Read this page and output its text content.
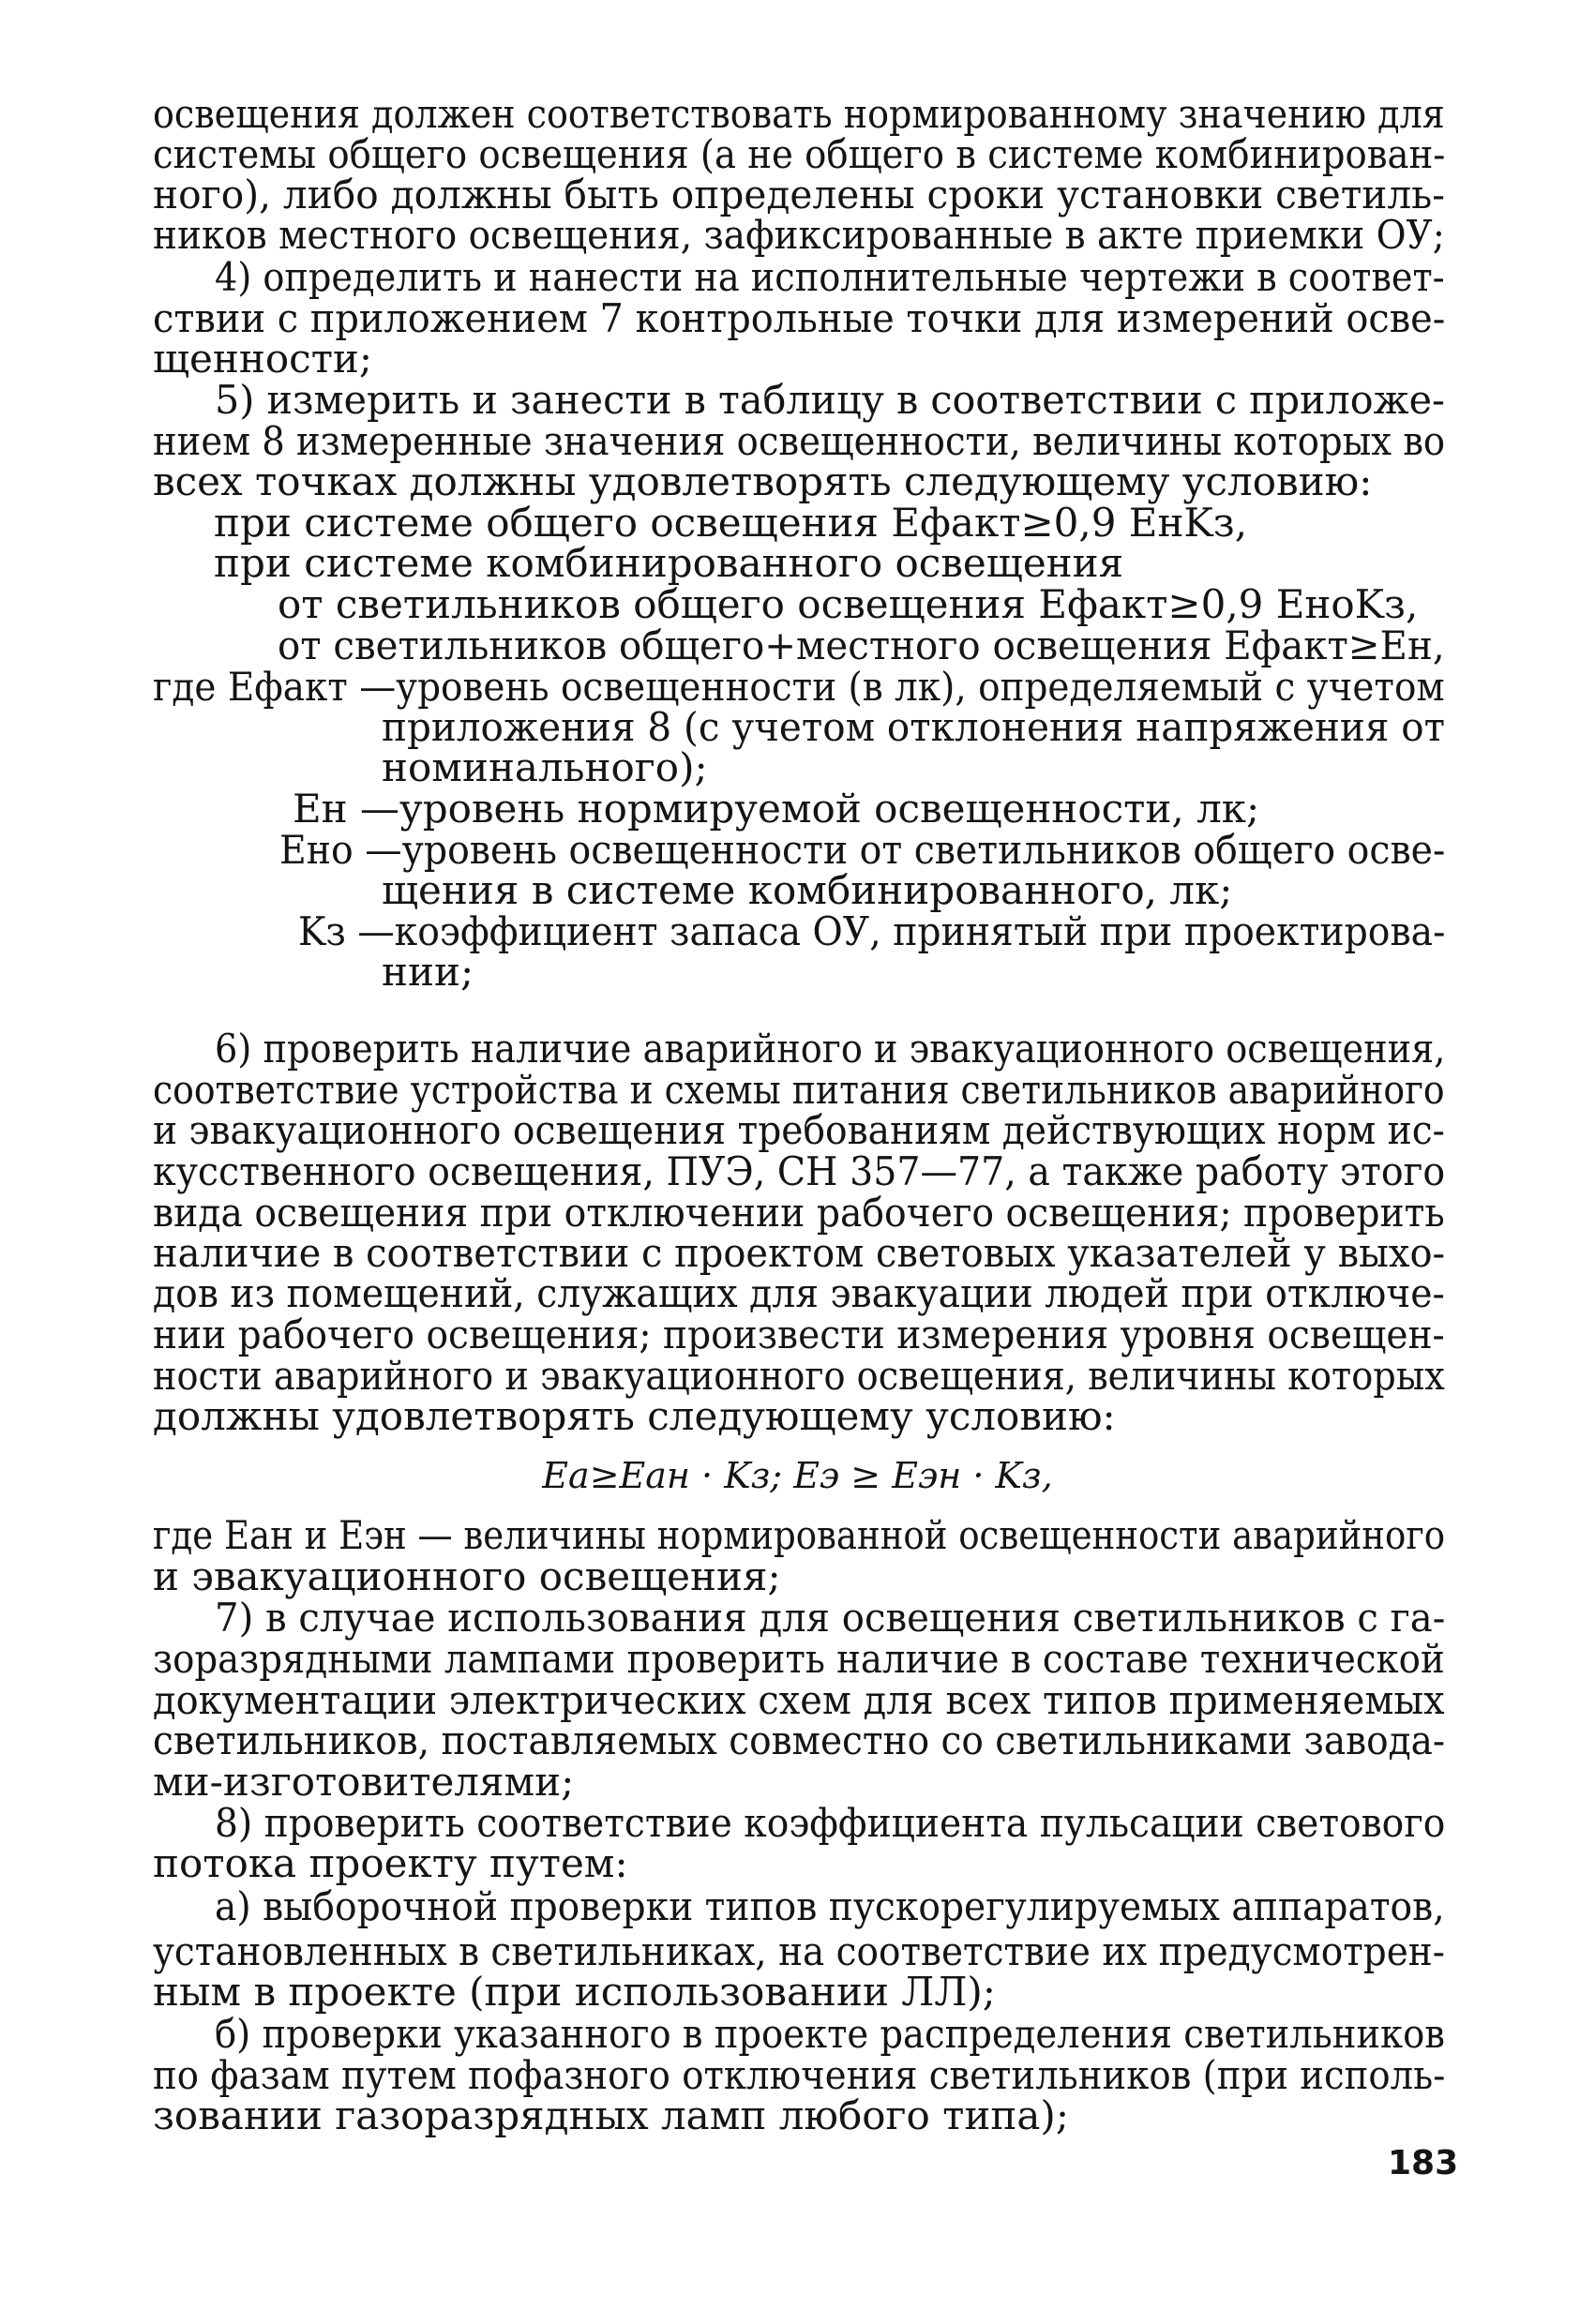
освещения должен соответствовать нормированному значению для
системы общего освещения (а не общего в системе комбинирован-
ного), либо должны быть определены сроки установки светиль-
ников местного освещения, зафиксированные в акте приемки ОУ;
4) определить и нанести на исполнительные чертежи в соответ-
ствии с приложением 7 контрольные точки для измерений осве-
щенности;
5) измерить и занести в таблицу в соответствии с приложе-
нием 8 измеренные значения освещенности, величины которых во
всех точках должны удовлетворять следующему условию:
при системе общего освещения Eфакт≥0,9 EнKз,
при системе комбинированного освещения
от светильников общего освещения Eфакт≥0,9 EноKз,
от светильников общего+местного освещения Eфакт≥Eн,
где Eфакт —уровень освещенности (в лк), определяемый с учетом
приложения 8 (с учетом отклонения напряжения от
номинального);
Eн —уровень нормируемой освещенности, лк;
Eно —уровень освещенности от светильников общего осве-
щения в системе комбинированного, лк;
Kз —коэффициент запаса ОУ, принятый при проектирова-
нии;
6) проверить наличие аварийного и эвакуационного освещения,
соответствие устройства и схемы питания светильников аварийного
и эвакуационного освещения требованиям действующих норм ис-
кусственного освещения, ПУЭ, СН 357—77, а также работу этого
вида освещения при отключении рабочего освещения; проверить
наличие в соответствии с проектом световых указателей у выхо-
дов из помещений, служащих для эвакуации людей при отключе-
нии рабочего освещения; произвести измерения уровня освещен-
ности аварийного и эвакуационного освещения, величины которых
должны удовлетворять следующему условию:
Ea≥Eан · Kз; Eэ ≥ Eэн · Kз,
где Eан и Eэн — величины нормированной освещенности аварийного
и эвакуационного освещения;
7) в случае использования для освещения светильников с га-
зоразрядными лампами проверить наличие в составе технической
документации электрических схем для всех типов применяемых
светильников, поставляемых совместно со светильниками завода-
ми-изготовителями;
8) проверить соответствие коэффициента пульсации светового
потока проекту путем:
а) выборочной проверки типов пускорегулируемых аппаратов,
установленных в светильниках, на соответствие их предусмотрен-
ным в проекте (при использовании ЛЛ);
б) проверки указанного в проекте распределения светильников
по фазам путем пофазного отключения светильников (при исполь-
зовании газоразрядных ламп любого типа);
183
